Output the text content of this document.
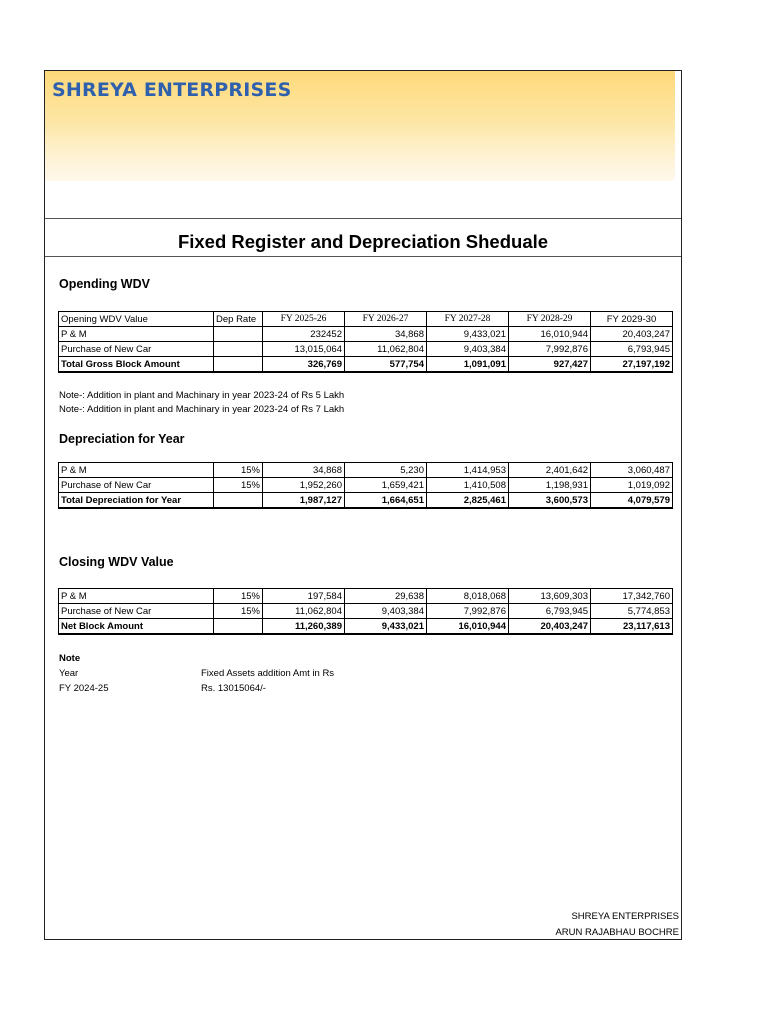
SHREYA ENTERPRISES
Fixed Register and Depreciation Sheduale
Opending WDV
Opening WDV Value	Dep Rate	FY 2025-26	FY 2026-27	FY 2027-28	FY 2028-29	FY 2029-30
P & M		232452	34,868	9,433,021	16,010,944	20,403,247
Purchase of New Car		13,015,064	11,062,804	9,403,384	7,992,876	6,793,945
Total Gross Block Amount		326,769	577,754	1,091,091	927,427	27,197,192
Note-: Addition in plant and Machinary in year 2023-24 of Rs 5 Lakh
Note-: Addition in plant and Machinary in year 2023-24 of Rs 7 Lakh
Depreciation for Year
P & M	15%	34,868	5,230	1,414,953	2,401,642	3,060,487
Purchase of New Car	15%	1,952,260	1,659,421	1,410,508	1,198,931	1,019,092
Total Depreciation for Year		1,987,127	1,664,651	2,825,461	3,600,573	4,079,579
Closing WDV Value
P & M	15%	197,584	29,638	8,018,068	13,609,303	17,342,760
Purchase of New Car	15%	11,062,804	9,403,384	7,992,876	6,793,945	5,774,853
Net Block Amount		11,260,389	9,433,021	16,010,944	20,403,247	23,117,613
Note
Year	Fixed Assets addition Amt in Rs
FY 2024-25	Rs. 13015064/-
SHREYA ENTERPRISES
ARUN RAJABHAU BOCHRE
